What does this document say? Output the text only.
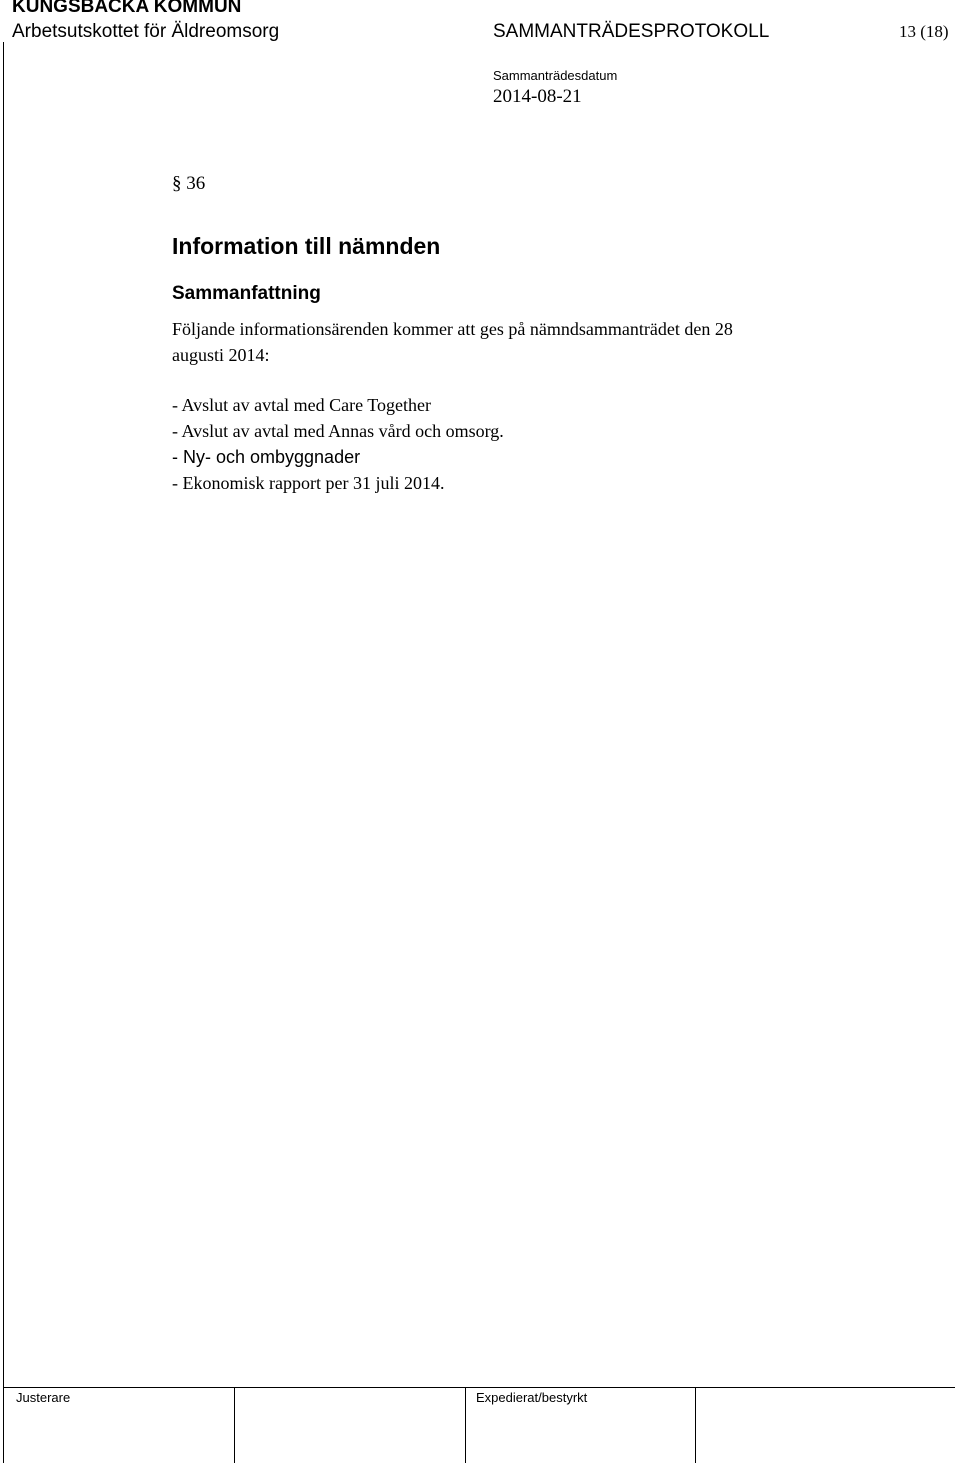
KUNGSBACKA KOMMUN
Arbetsutskottet för Äldreomsorg	SAMMANTRÄDESPROTOKOLL	13 (18)
Sammanträdesdatum
2014-08-21
§ 36
Information till nämnden
Sammanfattning
Följande informationsärenden kommer att ges på nämndsammanträdet den 28
augusti 2014:
- Avslut av avtal med Care Together
- Avslut av avtal med Annas vård och omsorg.
- Ny- och ombyggnader
- Ekonomisk rapport per 31 juli 2014.
Justerare	Expedierat/bestyrkt
